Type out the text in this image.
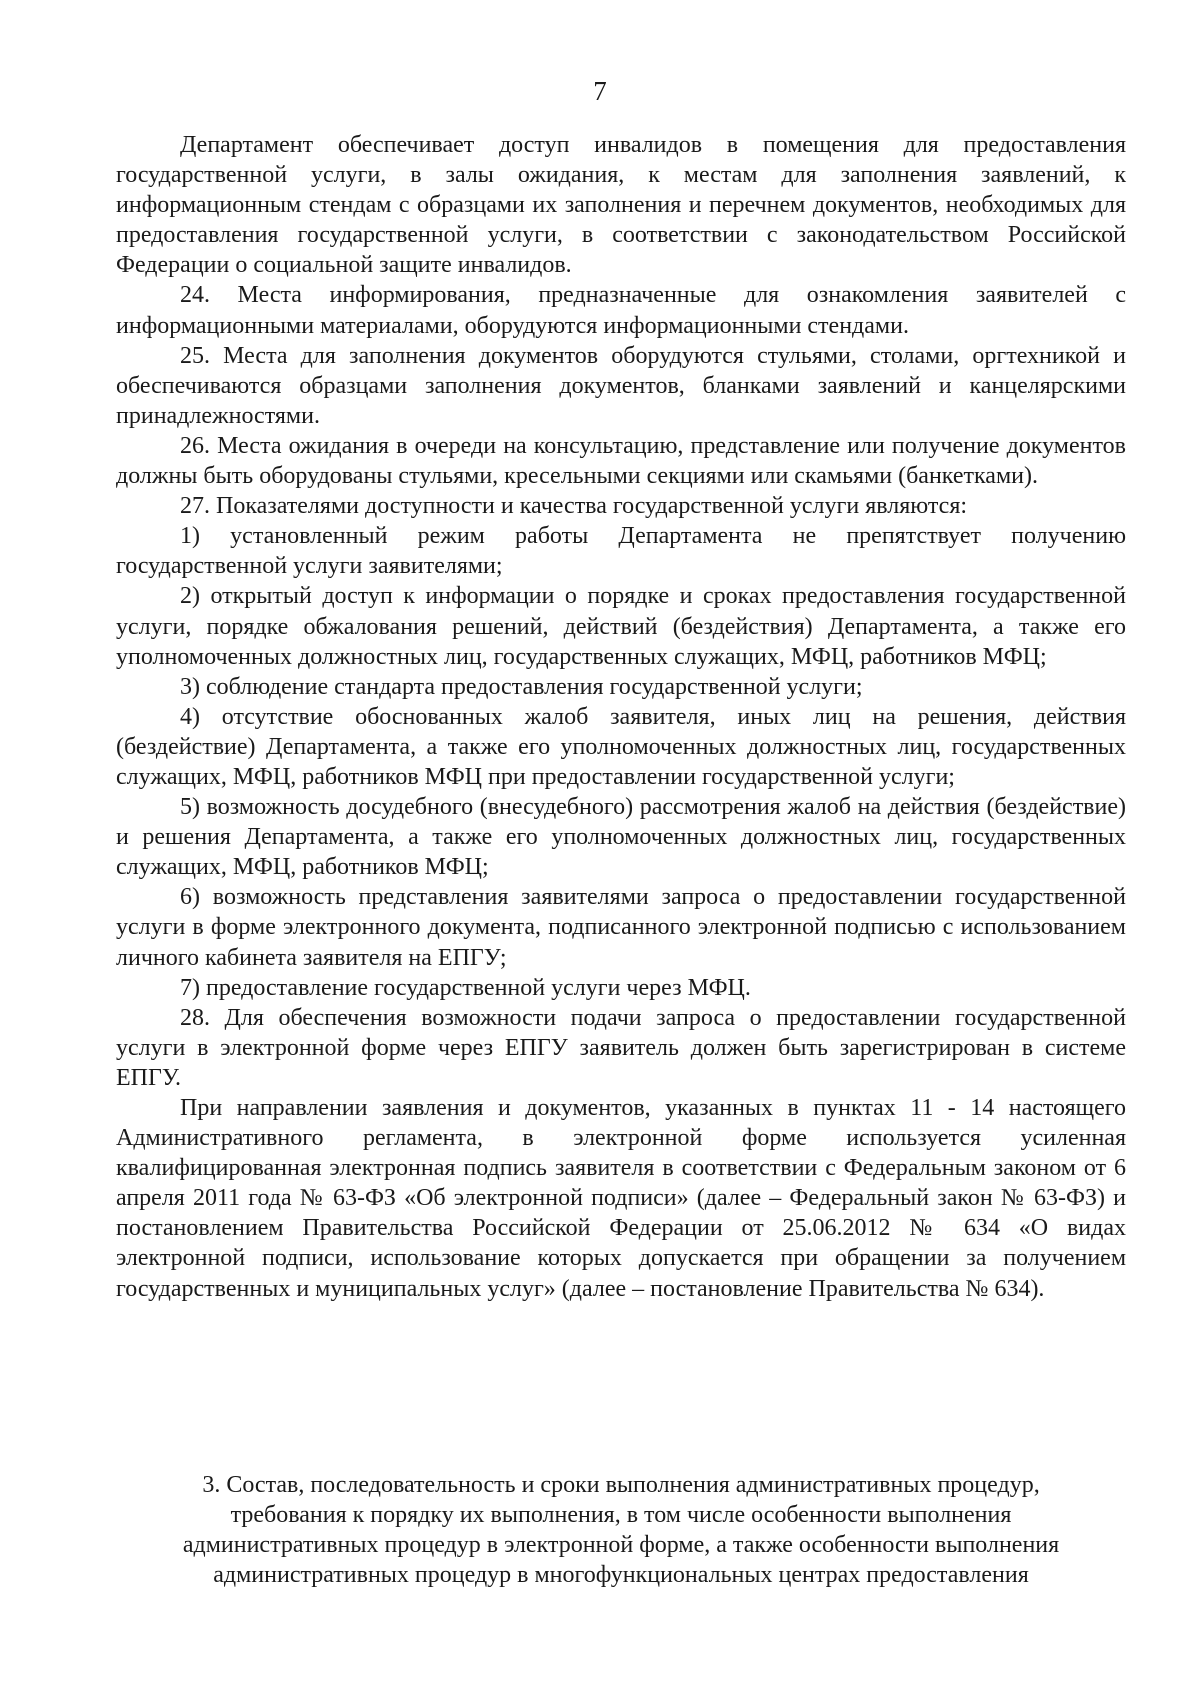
7

Департамент обеспечивает доступ инвалидов в помещения для предоставления государственной услуги, в залы ожидания, к местам для заполнения заявлений, к информационным стендам с образцами их заполнения и перечнем документов, необходимых для предоставления государственной услуги, в соответствии с законодательством Российской Федерации о социальной защите инвалидов.

24. Места информирования, предназначенные для ознакомления заявителей с информационными материалами, оборудуются информационными стендами.

25. Места для заполнения документов оборудуются стульями, столами, оргтехникой и обеспечиваются образцами заполнения документов, бланками заявлений и канцелярскими принадлежностями.

26. Места ожидания в очереди на консультацию, представление или получение документов должны быть оборудованы стульями, кресельными секциями или скамьями (банкетками).

27. Показателями доступности и качества государственной услуги являются:

1) установленный режим работы Департамента не препятствует получению государственной услуги заявителями;

2) открытый доступ к информации о порядке и сроках предоставления государственной услуги, порядке обжалования решений, действий (бездействия) Департамента, а также его уполномоченных должностных лиц, государственных служащих, МФЦ, работников МФЦ;

3) соблюдение стандарта предоставления государственной услуги;

4) отсутствие обоснованных жалоб заявителя, иных лиц на решения, действия (бездействие) Департамента, а также его уполномоченных должностных лиц, государственных служащих, МФЦ, работников МФЦ при предоставлении государственной услуги;

5) возможность досудебного (внесудебного) рассмотрения жалоб на действия (бездействие) и решения Департамента, а также его уполномоченных должностных лиц, государственных служащих, МФЦ, работников МФЦ;

6) возможность представления заявителями запроса о предоставлении государственной услуги в форме электронного документа, подписанного электронной подписью с использованием личного кабинета заявителя на ЕПГУ;

7) предоставление государственной услуги через МФЦ.

28. Для обеспечения возможности подачи запроса о предоставлении государственной услуги в электронной форме через ЕПГУ заявитель должен быть зарегистрирован в системе ЕПГУ.

При направлении заявления и документов, указанных в пунктах 11 - 14 настоящего Административного регламента, в электронной форме используется усиленная квалифицированная электронная подпись заявителя в соответствии с Федеральным законом от 6 апреля 2011 года № 63-ФЗ «Об электронной подписи» (далее – Федеральный закон № 63-ФЗ) и постановлением Правительства Российской Федерации от 25.06.2012 № 634 «О видах электронной подписи, использование которых допускается при обращении за получением государственных и муниципальных услуг» (далее – постановление Правительства № 634).

3. Состав, последовательность и сроки выполнения административных процедур,
требования к порядку их выполнения, в том числе особенности выполнения
административных процедур в электронной форме, а также особенности выполнения
административных процедур в многофункциональных центрах предоставления
